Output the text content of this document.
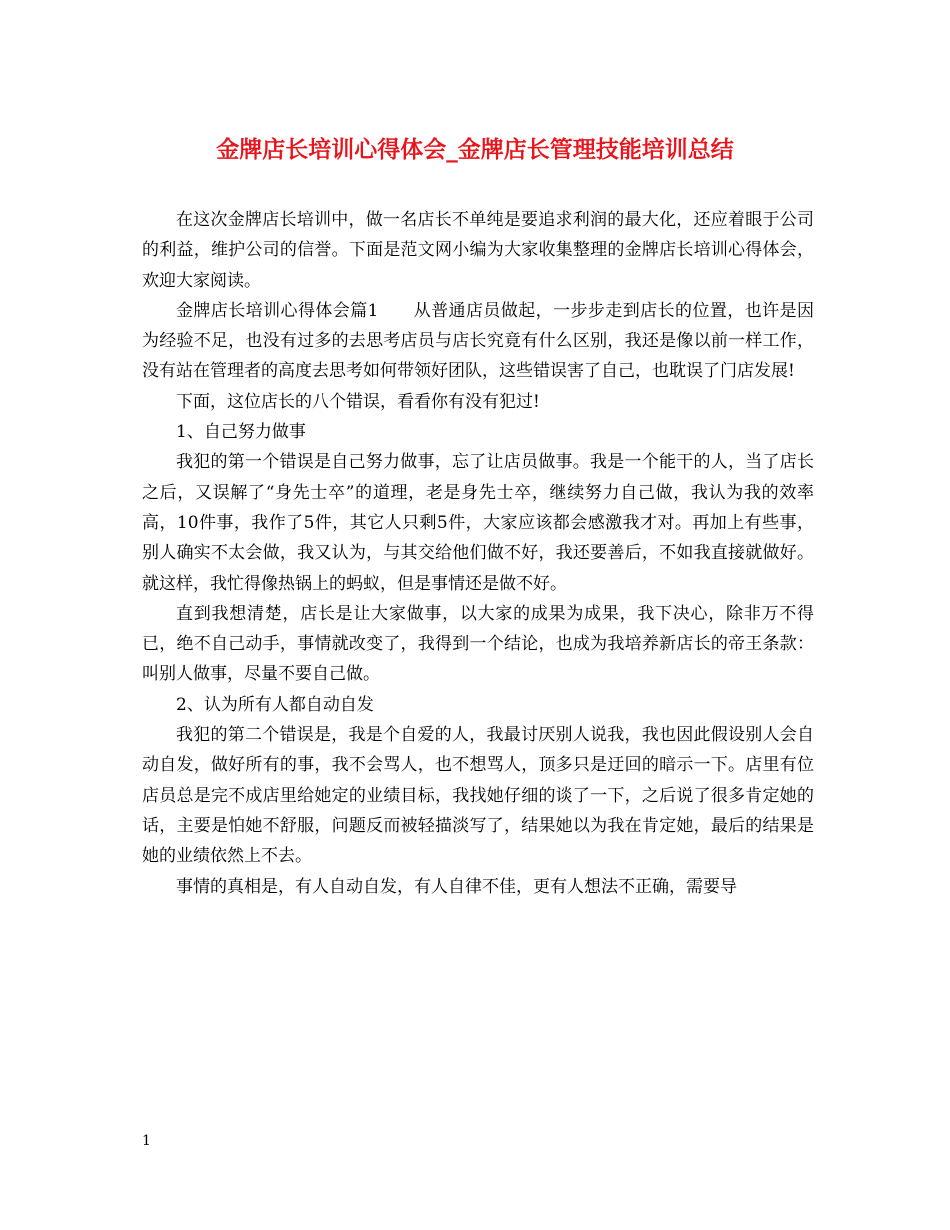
金牌店长培训心得体会_金牌店长管理技能培训总结

在这次金牌店长培训中，做一名店长不单纯是要追求利润的最大化，还应着眼于公司的利益，维护公司的信誉。下面是范文网小编为大家收集整理的金牌店长培训心得体会，欢迎大家阅读。

金牌店长培训心得体会篇1　　从普通店员做起，一步步走到店长的位置，也许是因为经验不足，也没有过多的去思考店员与店长究竟有什么区别，我还是像以前一样工作，没有站在管理者的高度去思考如何带领好团队，这些错误害了自己，也耽误了门店发展!

下面，这位店长的八个错误，看看你有没有犯过!

1、自己努力做事

我犯的第一个错误是自己努力做事，忘了让店员做事。我是一个能干的人，当了店长之后，又误解了“身先士卒”的道理，老是身先士卒，继续努力自己做，我认为我的效率高，10件事，我作了5件，其它人只剩5件，大家应该都会感激我才对。再加上有些事，别人确实不太会做，我又认为，与其交给他们做不好，我还要善后，不如我直接就做好。就这样，我忙得像热锅上的蚂蚁，但是事情还是做不好。

直到我想清楚，店长是让大家做事，以大家的成果为成果，我下决心，除非万不得已，绝不自己动手，事情就改变了，我得到一个结论，也成为我培养新店长的帝王条款：叫别人做事，尽量不要自己做。

2、认为所有人都自动自发

我犯的第二个错误是，我是个自爱的人，我最讨厌别人说我，我也因此假设别人会自动自发，做好所有的事，我不会骂人，也不想骂人，顶多只是迂回的暗示一下。店里有位店员总是完不成店里给她定的业绩目标，我找她仔细的谈了一下，之后说了很多肯定她的话，主要是怕她不舒服，问题反而被轻描淡写了，结果她以为我在肯定她，最后的结果是她的业绩依然上不去。

事情的真相是，有人自动自发，有人自律不佳，更有人想法不正确，需要导

1
